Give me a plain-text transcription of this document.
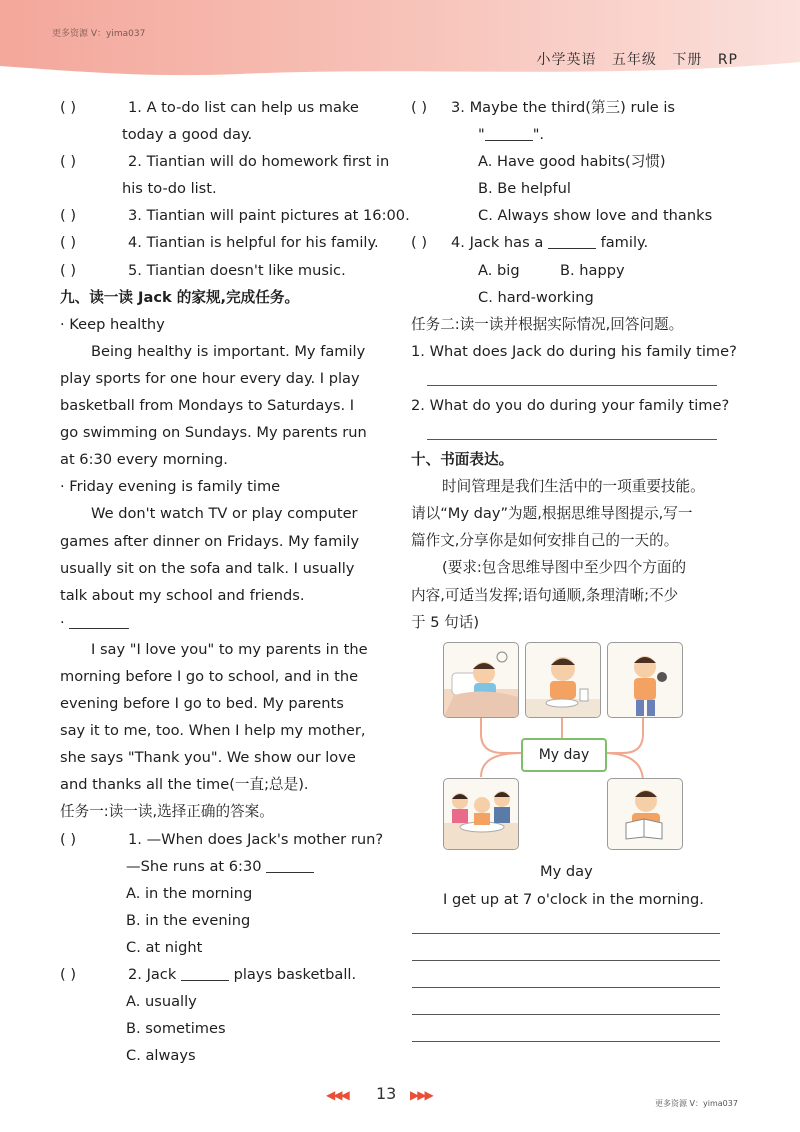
更多资源 V：yima037
小学英语 五年级 下册 RP
( )	1. A to-do list can help us make
today a good day.
( )	2. Tiantian will do homework first in
his to-do list.
( )	3. Tiantian will paint pictures at 16:00.
( )	4. Tiantian is helpful for his family.
( )	5. Tiantian doesn't like music.
九、读一读 Jack 的家规,完成任务。
· Keep healthy
Being healthy is important. My family
play sports for one hour every day. I play
basketball from Mondays to Saturdays. I
go swimming on Sundays. My parents run
at 6:30 every morning.
· Friday evening is family time
We don't watch TV or play computer
games after dinner on Fridays. My family
usually sit on the sofa and talk. I usually
talk about my school and friends.
·
I say "I love you" to my parents in the
morning before I go to school, and in the
evening before I go to bed. My parents
say it to me, too. When I help my mother,
she says "Thank you". We show our love
and thanks all the time(一直;总是).
任务一:读一读,选择正确的答案。
( )	1. —When does Jack's mother run?
—She runs at 6:30
A. in the morning
B. in the evening
C. at night
( )	2. Jack	plays basketball.
A. usually
B. sometimes
C. always
( ) 3. Maybe the third(第三) rule is
"	".
A. Have good habits(习惯)
B. Be helpful
C. Always show love and thanks
( ) 4. Jack has a	family.
A. big	B. happy
C. hard-working
任务二:读一读并根据实际情况,回答问题。
1. What does Jack do during his family time?
2. What do you do during your family time?
十、书面表达。
时间管理是我们生活中的一项重要技能。
请以“My day”为题,根据思维导图提示,写一
篇作文,分享你是如何安排自己的一天的。
(要求:包含思维导图中至少四个方面的
内容,可适当发挥;语句通顺,条理清晰;不少
于 5 句话)
My day
My day
I get up at 7 o'clock in the morning.
◀◀◀ 13 ▶▶▶
更多资源 V：yima037
